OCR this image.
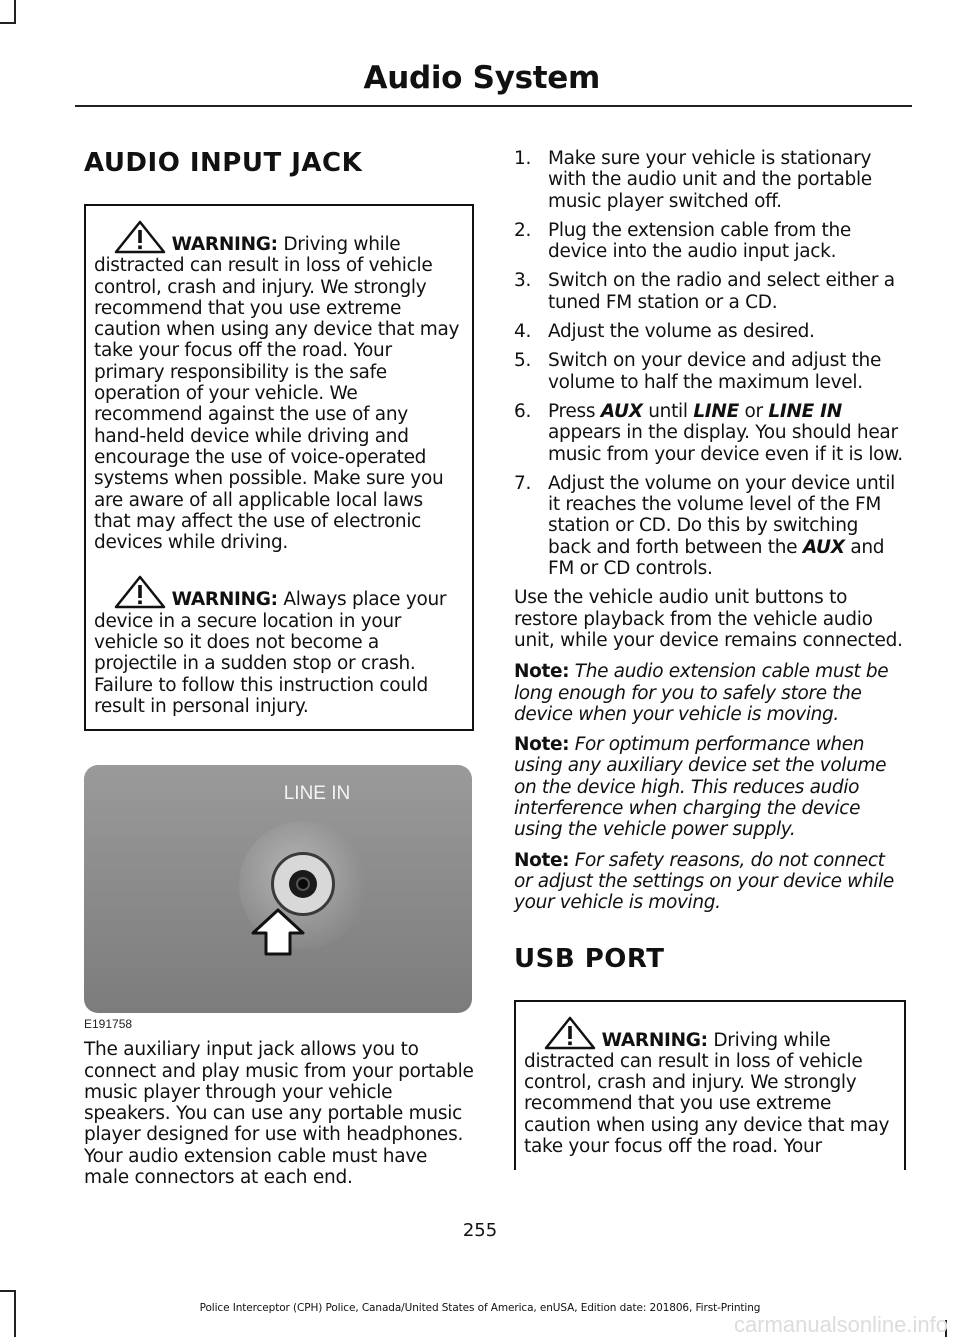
Audio System
AUDIO INPUT JACK

WARNING: Driving while distracted can result in loss of vehicle control, crash and injury. We strongly recommend that you use extreme caution when using any device that may take your focus off the road. Your primary responsibility is the safe operation of your vehicle. We recommend against the use of any hand-held device while driving and encourage the use of voice-operated systems when possible. Make sure you are aware of all applicable local laws that may affect the use of electronic devices while driving.

WARNING: Always place your device in a secure location in your vehicle so it does not become a projectile in a sudden stop or crash. Failure to follow this instruction could result in personal injury.

LINE IN
E191758

The auxiliary input jack allows you to connect and play music from your portable music player through your vehicle speakers. You can use any portable music player designed for use with headphones. Your audio extension cable must have male connectors at each end.

1. Make sure your vehicle is stationary with the audio unit and the portable music player switched off.
2. Plug the extension cable from the device into the audio input jack.
3. Switch on the radio and select either a tuned FM station or a CD.
4. Adjust the volume as desired.
5. Switch on your device and adjust the volume to half the maximum level.
6. Press AUX until LINE or LINE IN appears in the display. You should hear music from your device even if it is low.
7. Adjust the volume on your device until it reaches the volume level of the FM station or CD. Do this by switching back and forth between the AUX and FM or CD controls.

Use the vehicle audio unit buttons to restore playback from the vehicle audio unit, while your device remains connected.

Note: The audio extension cable must be long enough for you to safely store the device when your vehicle is moving.

Note: For optimum performance when using any auxiliary device set the volume on the device high. This reduces audio interference when charging the device using the vehicle power supply.

Note: For safety reasons, do not connect or adjust the settings on your device while your vehicle is moving.

USB PORT

WARNING: Driving while distracted can result in loss of vehicle control, crash and injury. We strongly recommend that you use extreme caution when using any device that may take your focus off the road. Your

255
Police Interceptor (CPH) Police, Canada/United States of America, enUSA, Edition date: 201806, First-Printing
carmanualsonline.info
